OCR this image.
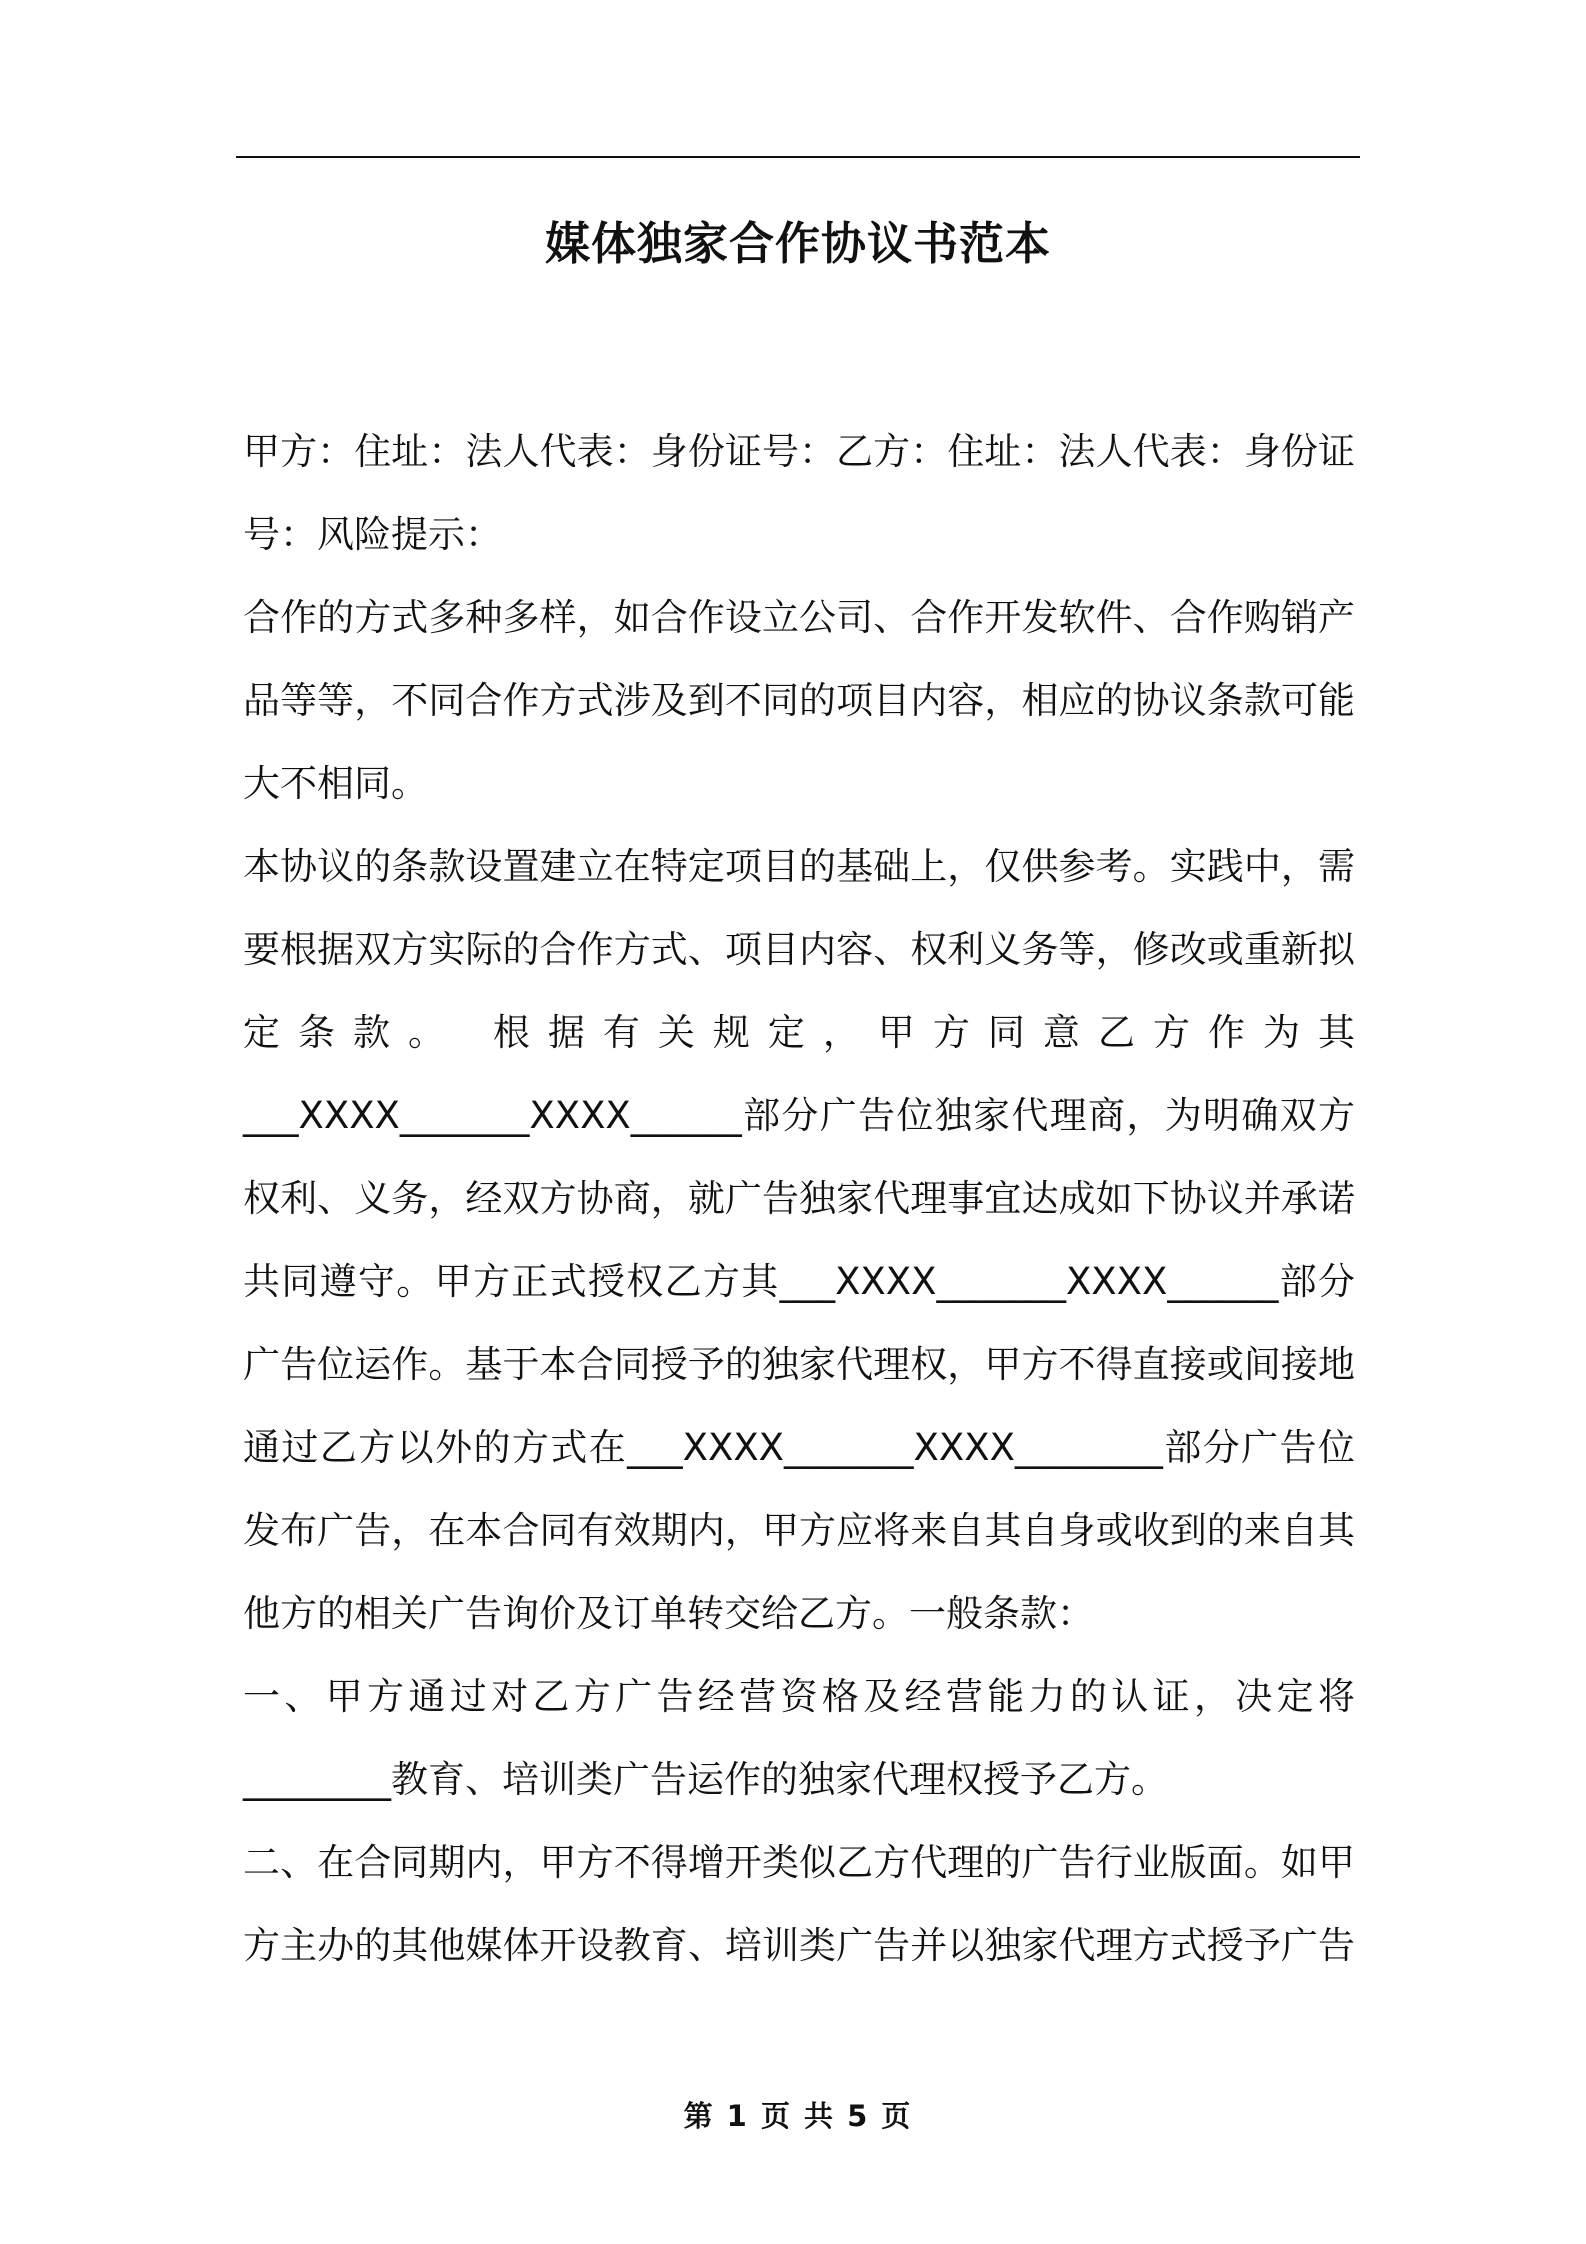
媒体独家合作协议书范本

甲方：住址：法人代表：身份证号：乙方：住址：法人代表：身份证号：风险提示：

合作的方式多种多样，如合作设立公司、合作开发软件、合作购销产品等等，不同合作方式涉及到不同的项目内容，相应的协议条款可能大不相同。

本协议的条款设置建立在特定项目的基础上，仅供参考。实践中，需要根据双方实际的合作方式、项目内容、权利义务等，修改或重新拟定条款。 根据有关规定，甲方同意乙方作为其___XXXX_______XXXX______部分广告位独家代理商，为明确双方权利、义务，经双方协商，就广告独家代理事宜达成如下协议并承诺共同遵守。甲方正式授权乙方其___XXXX_______XXXX______部分广告位运作。基于本合同授予的独家代理权，甲方不得直接或间接地通过乙方以外的方式在___XXXX_______XXXX________部分广告位发布广告，在本合同有效期内，甲方应将来自其自身或收到的来自其他方的相关广告询价及订单转交给乙方。一般条款：

一、甲方通过对乙方广告经营资格及经营能力的认证，决定将________教育、培训类广告运作的独家代理权授予乙方。

二、在合同期内，甲方不得增开类似乙方代理的广告行业版面。如甲方主办的其他媒体开设教育、培训类广告并以独家代理方式授予广告

第 1 页 共 5 页
